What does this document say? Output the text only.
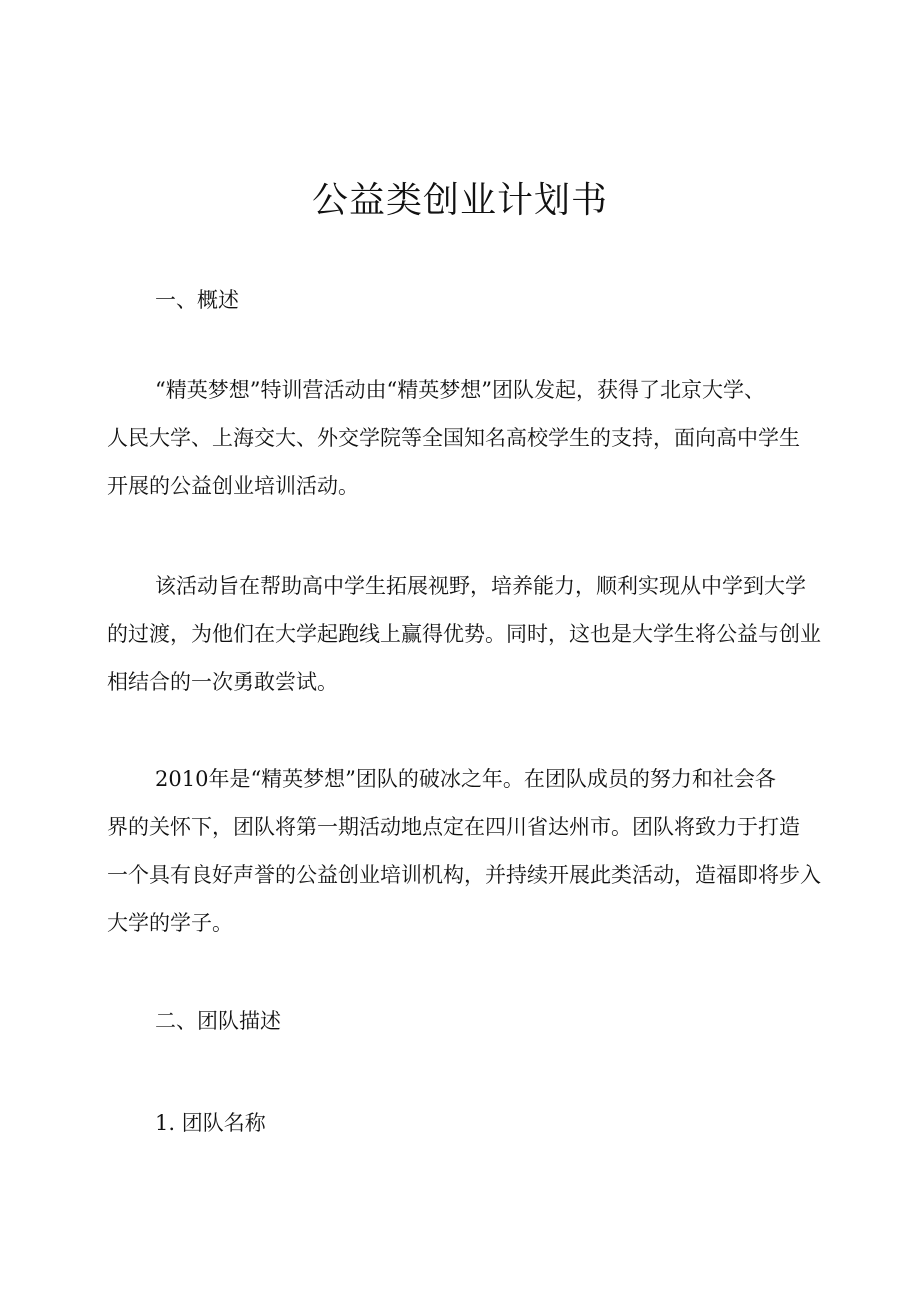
公益类创业计划书
一、概述
“精英梦想”特训营活动由“精英梦想”团队发起，获得了北京大学、
人民大学、上海交大、外交学院等全国知名高校学生的支持，面向高中学生
开展的公益创业培训活动。
该活动旨在帮助高中学生拓展视野，培养能力，顺利实现从中学到大学
的过渡，为他们在大学起跑线上赢得优势。同时，这也是大学生将公益与创业
相结合的一次勇敢尝试。
2010年是“精英梦想”团队的破冰之年。在团队成员的努力和社会各
界的关怀下，团队将第一期活动地点定在四川省达州市。团队将致力于打造
一个具有良好声誉的公益创业培训机构，并持续开展此类活动，造福即将步入
大学的学子。
二、团队描述
1. 团队名称
